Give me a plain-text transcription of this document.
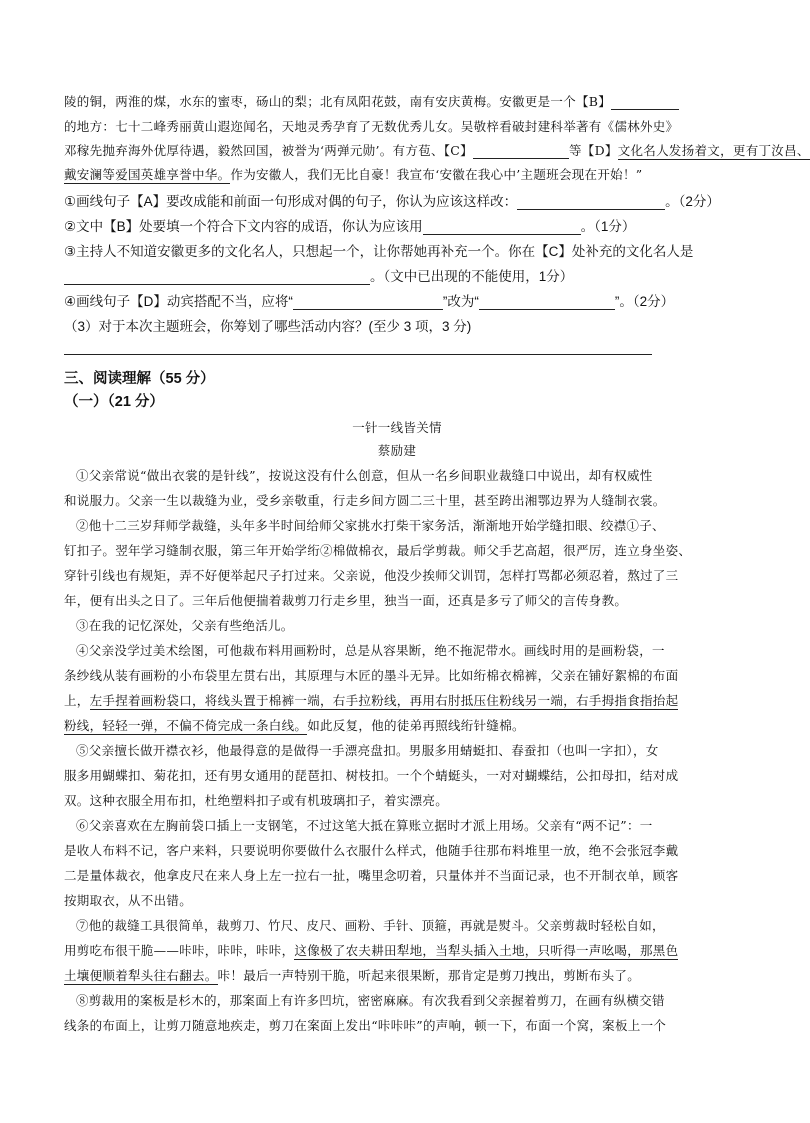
陵的铜，两淮的煤，水东的蜜枣，砀山的梨；北有凤阳花鼓，南有安庆黄梅。安徽更是一个【B】
的地方：七十二峰秀丽黄山遐迩闻名，天地灵秀孕育了无数优秀儿女。吴敬梓看破封建科举著有《儒林外史》
邓稼先抛弃海外优厚待遇，毅然回国，被誉为‘两弹元勋’。有方苞、【C】	等【D】文化名人发扬着文，更有丁汝昌、
戴安澜等爱国英雄享誉中华。作为安徽人，我们无比自豪！我宣布‘安徽在我心中’主题班会现在开始！”
①画线句子【A】要改成能和前面一句形成对偶的句子，你认为应该这样改：	。（2分）
②文中【B】处要填一个符合下文内容的成语，你认为应该用	。（1分）
③主持人不知道安徽更多的文化名人，只想起一个，让你帮她再补充一个。你在【C】处补充的文化名人是
。（文中已出现的不能使用，1分）
④画线句子【D】动宾搭配不当，应将“	”改为“	”。（2分）
（3）对于本次主题班会，你筹划了哪些活动内容？(至少 3 项，3 分)
三、阅读理解（55 分）
（一）（21 分）
一针一线皆关情
蔡励建
①父亲常说“做出衣裳的是针线”，按说这没有什么创意，但从一名乡间职业裁缝口中说出，却有权威性
和说服力。父亲一生以裁缝为业，受乡亲敬重，行走乡间方圆二三十里，甚至跨出湘鄂边界为人缝制衣裳。
②他十二三岁拜师学裁缝，头年多半时间给师父家挑水打柴干家务活，渐渐地开始学缝扣眼、绞襟①子、
钉扣子。翌年学习缝制衣服，第三年开始学绗②棉做棉衣，最后学剪裁。师父手艺高超，很严厉，连立身坐姿、
穿针引线也有规矩，弄不好便举起尺子打过来。父亲说，他没少挨师父训罚，怎样打骂都必须忍着，熬过了三
年，便有出头之日了。三年后他便揣着裁剪刀行走乡里，独当一面，还真是多亏了师父的言传身教。
③在我的记忆深处，父亲有些绝活儿。
④父亲没学过美术绘图，可他裁布料用画粉时，总是从容果断，绝不拖泥带水。画线时用的是画粉袋，一
条纱线从装有画粉的小布袋里左贯右出，其原理与木匠的墨斗无异。比如绗棉衣棉裤，父亲在铺好絮棉的布面
上，左手捏着画粉袋口，将线头置于棉裤一端，右手拉粉线，再用右肘抵压住粉线另一端，右手拇指食指抬起
粉线，轻轻一弹，不偏不倚完成一条白线。如此反复，他的徒弟再照线绗针缝棉。
⑤父亲擅长做开襟衣衫，他最得意的是做得一手漂亮盘扣。男服多用蜻蜓扣、春蚕扣（也叫一字扣），女
服多用蝴蝶扣、菊花扣，还有男女通用的琵琶扣、树枝扣。一个个蜻蜓头，一对对蝴蝶结，公扣母扣，结对成
双。这种衣服全用布扣，杜绝塑料扣子或有机玻璃扣子，着实漂亮。
⑥父亲喜欢在左胸前袋口插上一支钢笔，不过这笔大抵在算账立据时才派上用场。父亲有“两不记”：一
是收人布料不记，客户来料，只要说明你要做什么衣服什么样式，他随手往那布料堆里一放，绝不会张冠李戴
二是量体裁衣，他拿皮尺在来人身上左一拉右一扯，嘴里念叨着，只量体并不当面记录，也不开制衣单，顾客
按期取衣，从不出错。
⑦他的裁缝工具很简单，裁剪刀、竹尺、皮尺、画粉、手针、顶箍，再就是熨斗。父亲剪裁时轻松自如，
用剪吃布很干脆——咔咔，咔咔，咔咔，这像极了农夫耕田犁地，当犁头插入土地，只听得一声吆喝，那黑色
土壤便顺着犁头往右翻去。咔！最后一声特别干脆，听起来很果断，那肯定是剪刀拽出，剪断布头了。
⑧剪裁用的案板是杉木的，那案面上有许多凹坑，密密麻麻。有次我看到父亲握着剪刀，在画有纵横交错
线条的布面上，让剪刀随意地疾走，剪刀在案面上发出“咔咔咔”的声响，顿一下，布面一个窝，案板上一个
